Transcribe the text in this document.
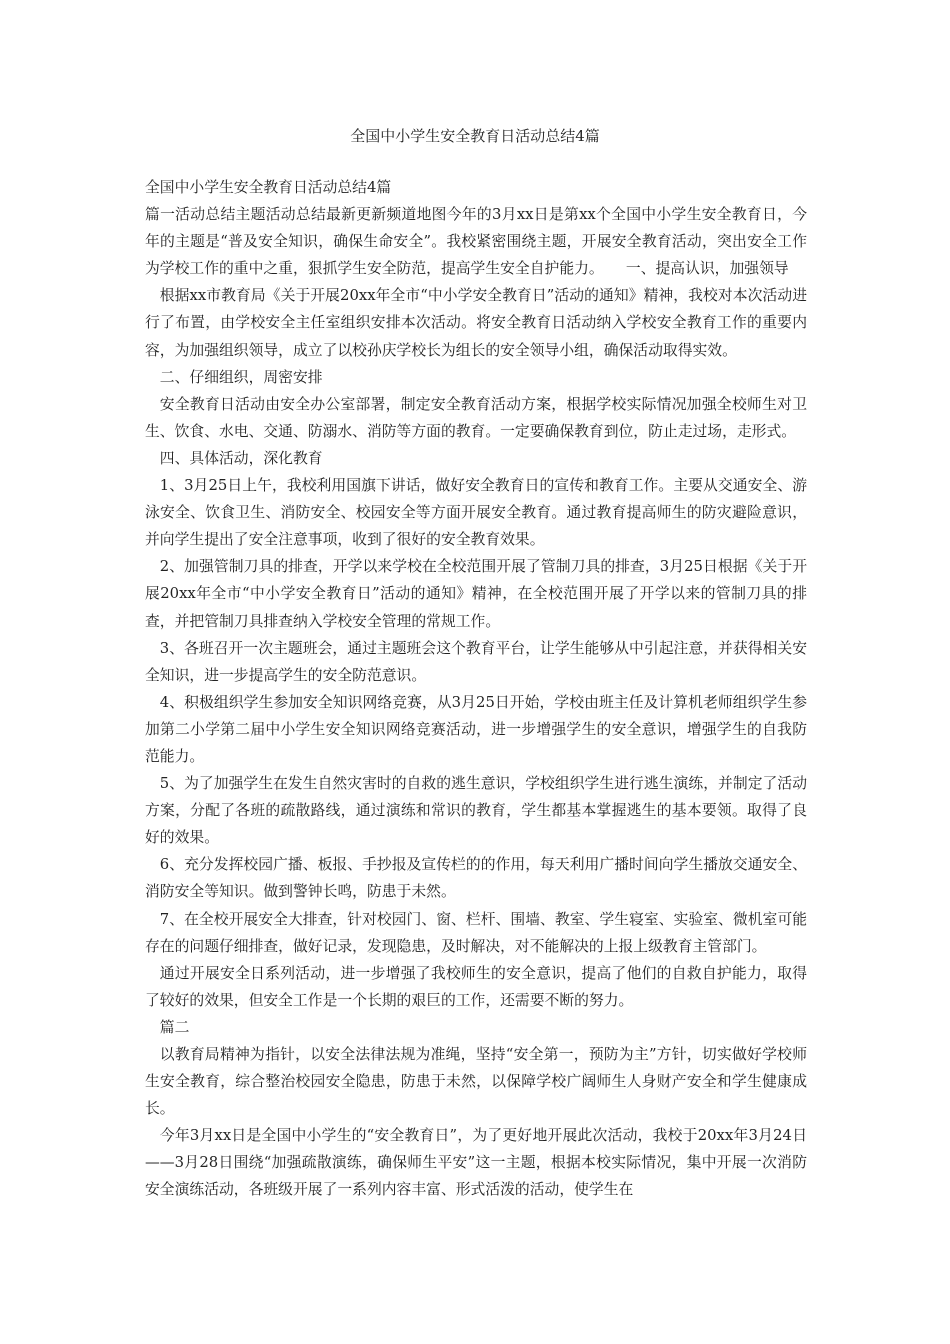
全国中小学生安全教育日活动总结4篇

全国中小学生安全教育日活动总结4篇

篇一活动总结主题活动总结最新更新频道地图今年的3月xx日是第xx个全国中小学生安全教育日，今年的主题是“普及安全知识，确保生命安全”。我校紧密围绕主题，开展安全教育活动，突出安全工作为学校工作的重中之重，狠抓学生安全防范，提高学生安全自护能力。　　一、提高认识，加强领导

根据xx市教育局《关于开展20xx年全市“中小学安全教育日”活动的通知》精神，我校对本次活动进行了布置，由学校安全主任室组织安排本次活动。将安全教育日活动纳入学校安全教育工作的重要内容，为加强组织领导，成立了以校孙庆学校长为组长的安全领导小组，确保活动取得实效。

二、仔细组织，周密安排

安全教育日活动由安全办公室部署，制定安全教育活动方案，根据学校实际情况加强全校师生对卫生、饮食、水电、交通、防溺水、消防等方面的教育。一定要确保教育到位，防止走过场，走形式。

四、具体活动，深化教育

1、3月25日上午，我校利用国旗下讲话，做好安全教育日的宣传和教育工作。主要从交通安全、游泳安全、饮食卫生、消防安全、校园安全等方面开展安全教育。通过教育提高师生的防灾避险意识，并向学生提出了安全注意事项，收到了很好的安全教育效果。

2、加强管制刀具的排查，开学以来学校在全校范围开展了管制刀具的排查，3月25日根据《关于开展20xx年全市“中小学安全教育日”活动的通知》精神，在全校范围开展了开学以来的管制刀具的排查，并把管制刀具排查纳入学校安全管理的常规工作。

3、各班召开一次主题班会，通过主题班会这个教育平台，让学生能够从中引起注意，并获得相关安全知识，进一步提高学生的安全防范意识。

4、积极组织学生参加安全知识网络竞赛，从3月25日开始，学校由班主任及计算机老师组织学生参加第二小学第二届中小学生安全知识网络竞赛活动，进一步增强学生的安全意识，增强学生的自我防范能力。

5、为了加强学生在发生自然灾害时的自救的逃生意识，学校组织学生进行逃生演练，并制定了活动方案，分配了各班的疏散路线，通过演练和常识的教育，学生都基本掌握逃生的基本要领。取得了良好的效果。

6、充分发挥校园广播、板报、手抄报及宣传栏的的作用，每天利用广播时间向学生播放交通安全、消防安全等知识。做到警钟长鸣，防患于未然。

7、在全校开展安全大排查，针对校园门、窗、栏杆、围墙、教室、学生寝室、实验室、微机室可能存在的问题仔细排查，做好记录，发现隐患，及时解决，对不能解决的上报上级教育主管部门。

通过开展安全日系列活动，进一步增强了我校师生的安全意识，提高了他们的自救自护能力，取得了较好的效果，但安全工作是一个长期的艰巨的工作，还需要不断的努力。

篇二

以教育局精神为指针，以安全法律法规为准绳，坚持“安全第一，预防为主”方针，切实做好学校师生安全教育，综合整治校园安全隐患，防患于未然，以保障学校广阔师生人身财产安全和学生健康成长。

今年3月xx日是全国中小学生的“安全教育日”，为了更好地开展此次活动，我校于20xx年3月24日——3月28日围绕“加强疏散演练，确保师生平安”这一主题，根据本校实际情况，集中开展一次消防安全演练活动，各班级开展了一系列内容丰富、形式活泼的活动，使学生在
